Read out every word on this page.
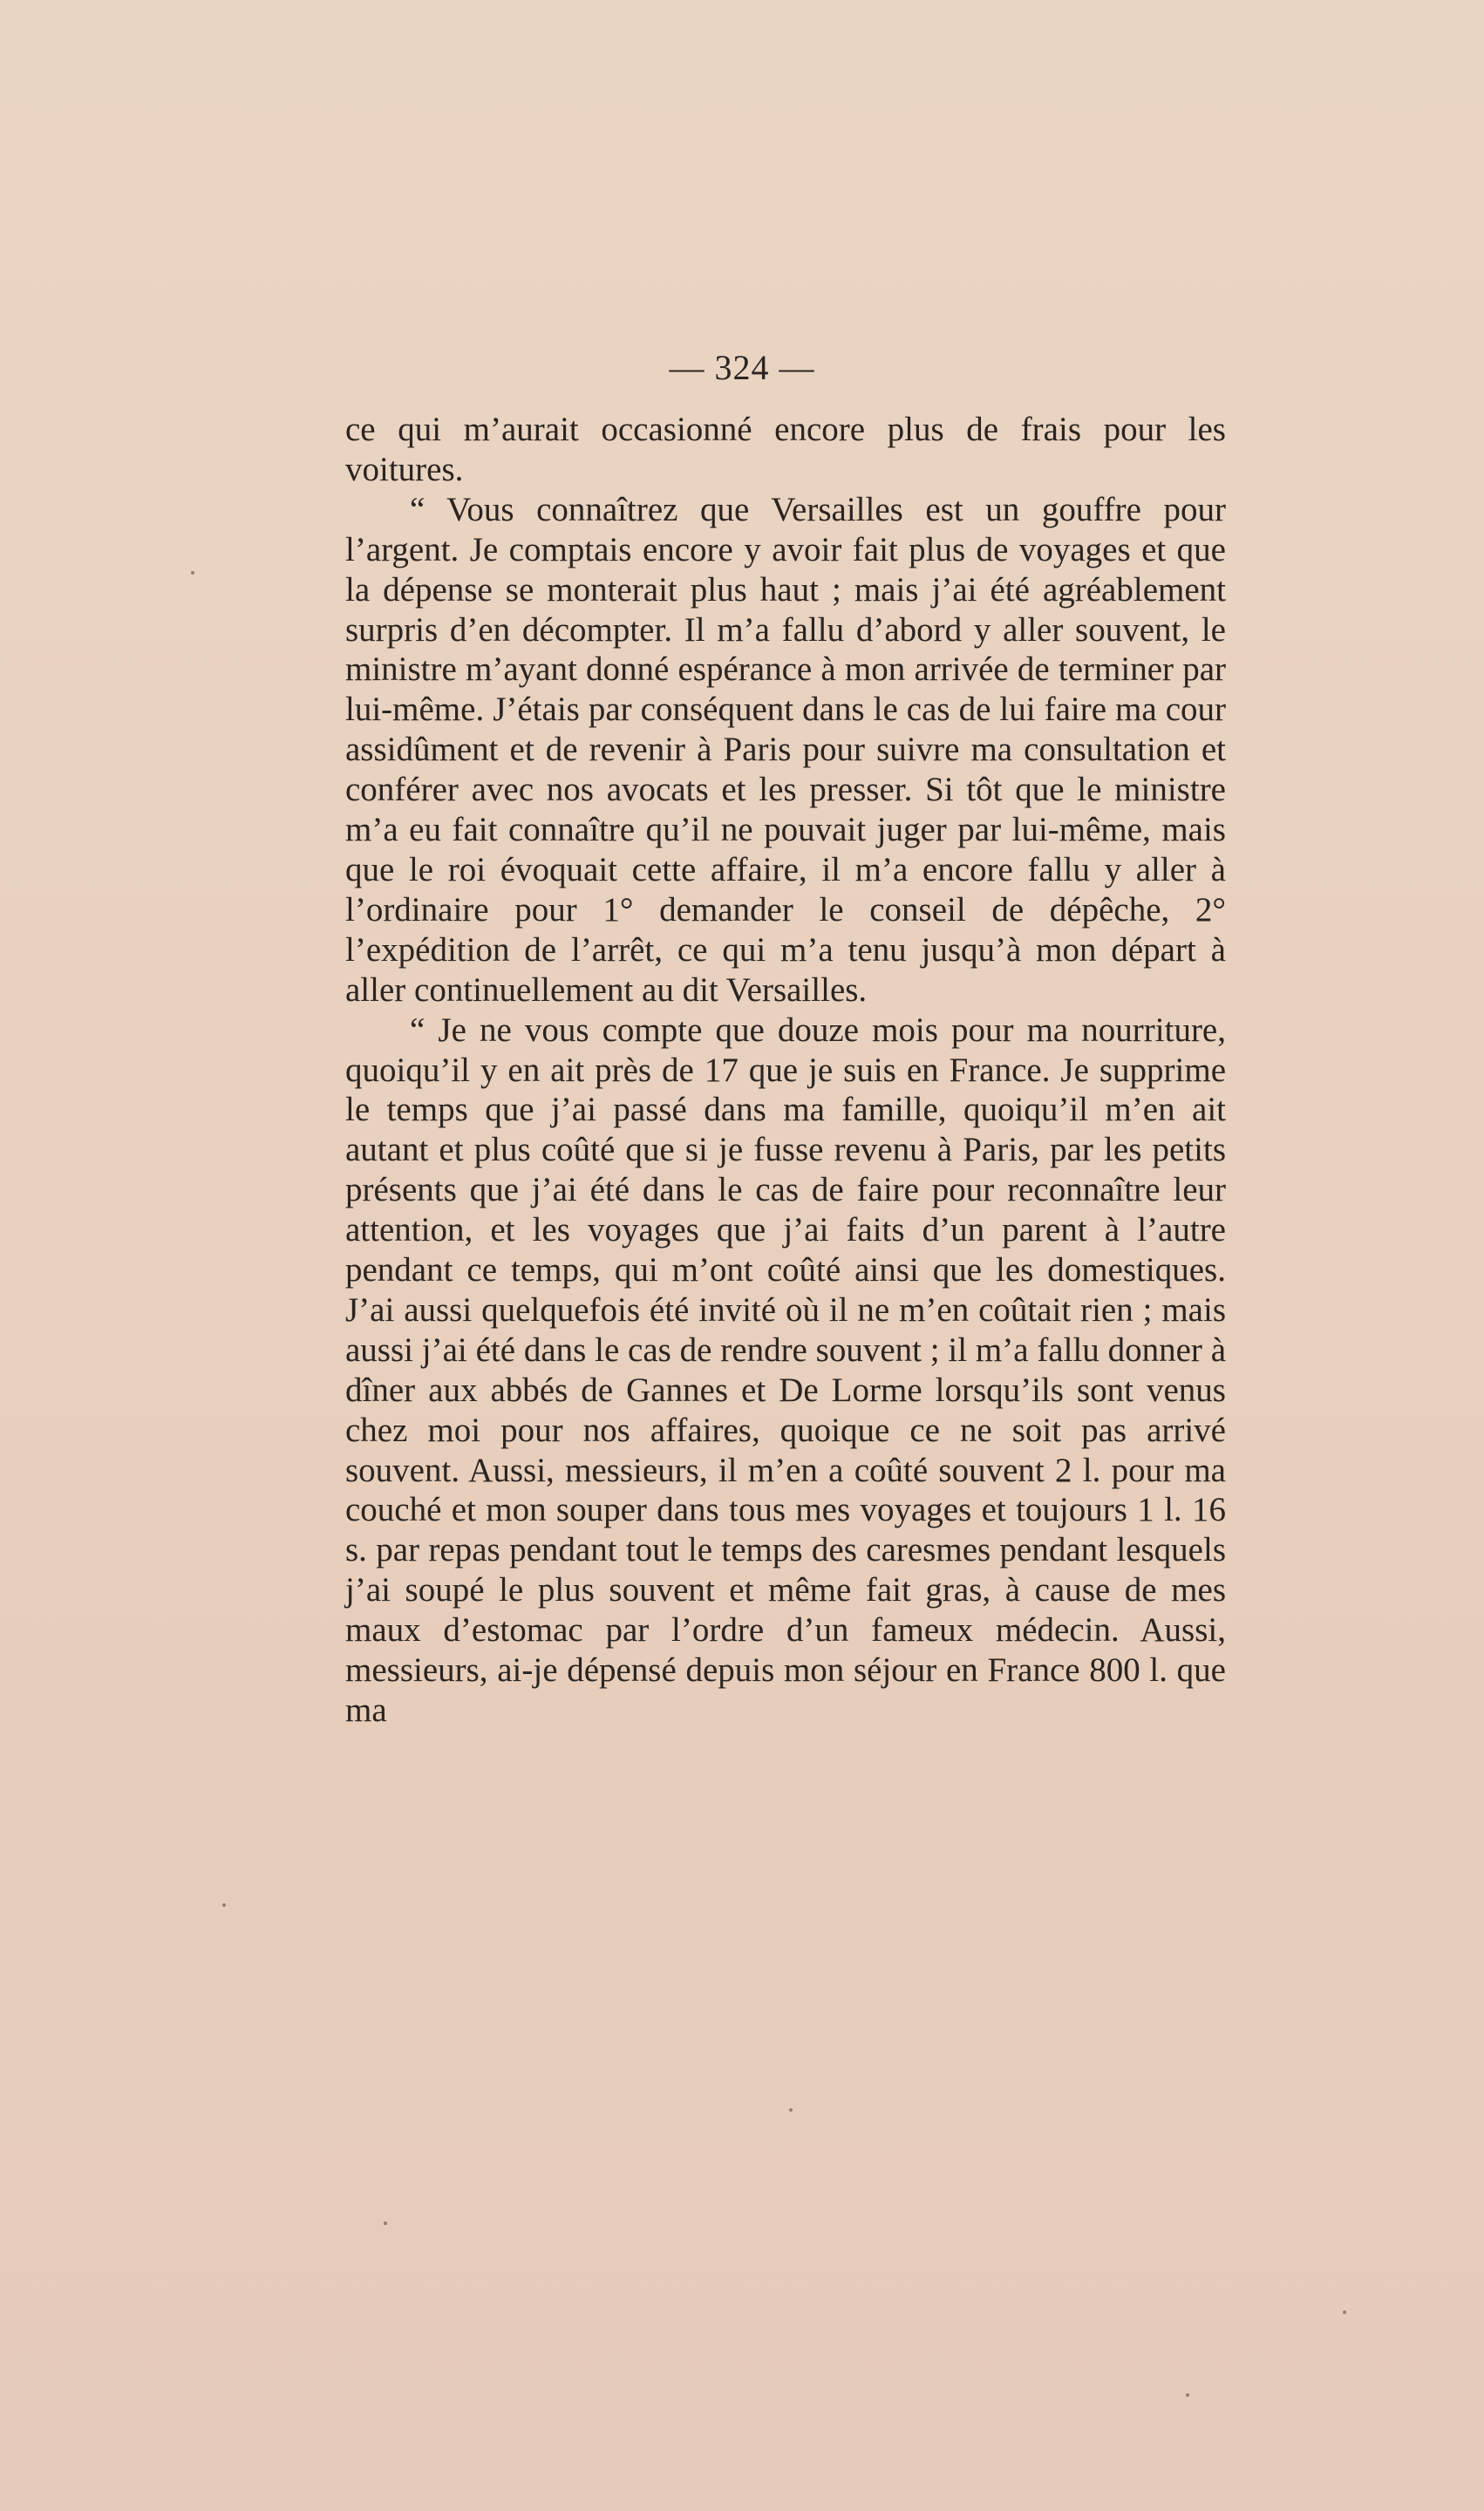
— 324 —

ce qui m’aurait occasionné encore plus de frais pour les voitures.

“ Vous connaîtrez que Versailles est un gouffre pour l’argent. Je comptais encore y avoir fait plus de voyages et que la dépense se monterait plus haut ; mais j’ai été agréablement surpris d’en décompter. Il m’a fallu d’abord y aller souvent, le ministre m’ayant donné espérance à mon arrivée de terminer par lui-même. J’étais par conséquent dans le cas de lui faire ma cour assidûment et de revenir à Paris pour suivre ma consultation et conférer avec nos avocats et les presser. Si tôt que le ministre m’a eu fait connaître qu’il ne pouvait juger par lui-même, mais que le roi évoquait cette affaire, il m’a encore fallu y aller à l’ordinaire pour 1° demander le conseil de dépêche, 2° l’expédition de l’arrêt, ce qui m’a tenu jusqu’à mon départ à aller continuellement au dit Versailles.

“ Je ne vous compte que douze mois pour ma nourriture, quoiqu’il y en ait près de 17 que je suis en France. Je supprime le temps que j’ai passé dans ma famille, quoiqu’il m’en ait autant et plus coûté que si je fusse revenu à Paris, par les petits présents que j’ai été dans le cas de faire pour reconnaître leur attention, et les voyages que j’ai faits d’un parent à l’autre pendant ce temps, qui m’ont coûté ainsi que les domestiques. J’ai aussi quelquefois été invité où il ne m’en coûtait rien ; mais aussi j’ai été dans le cas de rendre souvent ; il m’a fallu donner à dîner aux abbés de Gannes et De Lorme lorsqu’ils sont venus chez moi pour nos affaires, quoique ce ne soit pas arrivé souvent. Aussi, messieurs, il m’en a coûté souvent 2 l. pour ma couché et mon souper dans tous mes voyages et toujours 1 l. 16 s. par repas pendant tout le temps des caresmes pendant lesquels j’ai soupé le plus souvent et même fait gras, à cause de mes maux d’estomac par l’ordre d’un fameux médecin. Aussi, messieurs, ai-je dépensé depuis mon séjour en France 800 l. que ma
